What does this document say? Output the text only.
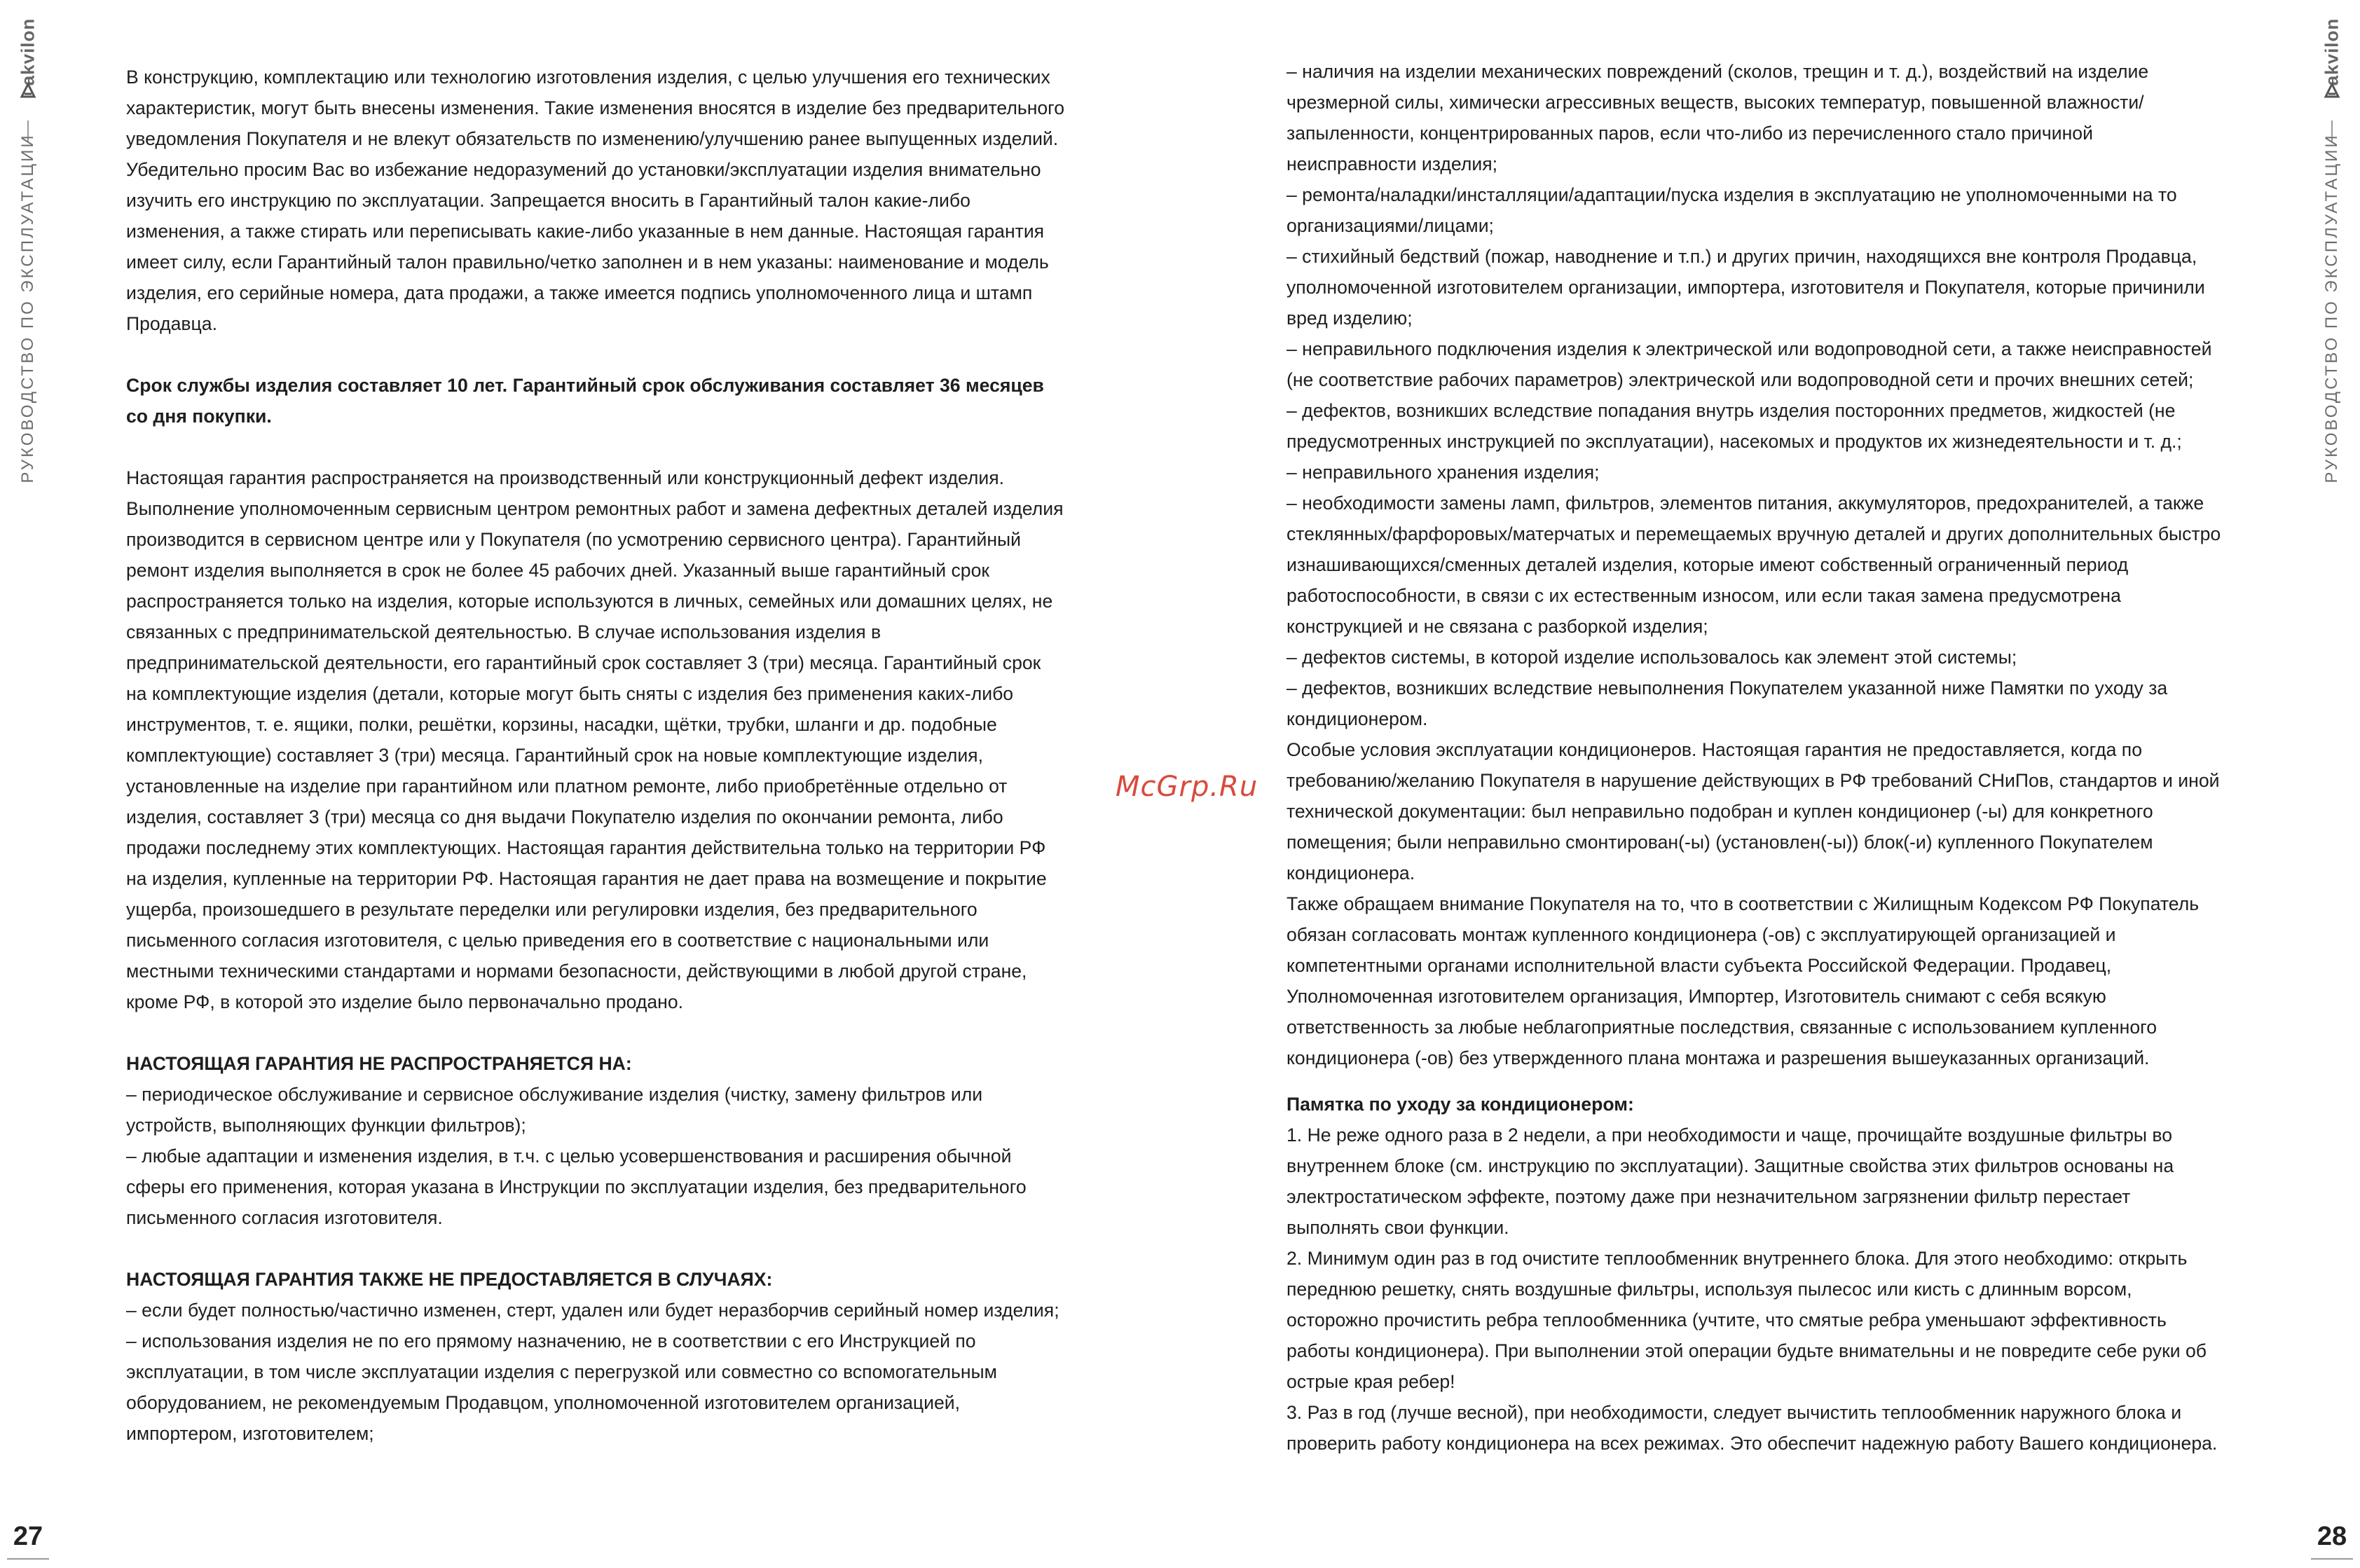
akvilon
РУКОВОДСТВО ПО ЭКСПЛУАТАЦИИ
27

В конструкцию, комплектацию или технологию изготовления изделия, с целью улучшения его технических характеристик, могут быть внесены изменения. Такие изменения вносятся в изделие без предварительного уведомления Покупателя и не влекут обязательств по изменению/улучшению ранее выпущенных изделий. Убедительно просим Вас во избежание недоразумений до установки/эксплуатации изделия внимательно изучить его инструкцию по эксплуатации. Запрещается вносить в Гарантийный талон какие-либо изменения, а также стирать или переписывать какие-либо указанные в нем данные. Настоящая гарантия имеет силу, если Гарантийный талон правильно/четко заполнен и в нем указаны: наименование и модель изделия, его серийные номера, дата продажи, а также имеется подпись уполномоченного лица и штамп Продавца.

Срок службы изделия составляет 10 лет. Гарантийный срок обслуживания составляет 36 месяцев со дня покупки.

Настоящая гарантия распространяется на производственный или конструкционный дефект изделия. Выполнение уполномоченным сервисным центром ремонтных работ и замена дефектных деталей изделия производится в сервисном центре или у Покупателя (по усмотрению сервисного центра). Гарантийный ремонт изделия выполняется в срок не более 45 рабочих дней. Указанный выше гарантийный срок распространяется только на изделия, которые используются в личных, семейных или домашних целях, не связанных с предпринимательской деятельностью. В случае использования изделия в предпринимательской деятельности, его гарантийный срок составляет 3 (три) месяца. Гарантийный срок на комплектующие изделия (детали, которые могут быть сняты с изделия без применения каких-либо инструментов, т. е. ящики, полки, решётки, корзины, насадки, щётки, трубки, шланги и др. подобные комплектующие) составляет 3 (три) месяца. Гарантийный срок на новые комплектующие изделия, установленные на изделие при гарантийном или платном ремонте, либо приобретённые отдельно от изделия, составляет 3 (три) месяца со дня выдачи Покупателю изделия по окончании ремонта, либо продажи последнему этих комплектующих. Настоящая гарантия действительна только на территории РФ на изделия, купленные на территории РФ. Настоящая гарантия не дает права на возмещение и покрытие ущерба, произошедшего в результате переделки или регулировки изделия, без предварительного письменного согласия изготовителя, с целью приведения его в соответствие с национальными или местными техническими стандартами и нормами безопасности, действующими в любой другой стране, кроме РФ, в которой это изделие было первоначально продано.

НАСТОЯЩАЯ ГАРАНТИЯ НЕ РАСПРОСТРАНЯЕТСЯ НА:

– периодическое обслуживание и сервисное обслуживание изделия (чистку, замену фильтров или устройств, выполняющих функции фильтров);

– любые адаптации и изменения изделия, в т.ч. с целью усовершенствования и расширения обычной сферы его применения, которая указана в Инструкции по эксплуатации изделия, без предварительного письменного согласия изготовителя.

НАСТОЯЩАЯ ГАРАНТИЯ ТАКЖЕ НЕ ПРЕДОСТАВЛЯЕТСЯ В СЛУЧАЯХ:

– если будет полностью/частично изменен, стерт, удален или будет неразборчив серийный номер изделия;

– использования изделия не по его прямому назначению, не в соответствии с его Инструкцией по эксплуатации, в том числе эксплуатации изделия с перегрузкой или совместно со вспомогательным оборудованием, не рекомендуемым Продавцом, уполномоченной изготовителем организацией, импортером, изготовителем;

McGrp.Ru

– наличия на изделии механических повреждений (сколов, трещин и т. д.), воздействий на изделие чрезмерной силы, химически агрессивных веществ, высоких температур, повышенной влажности/запыленности, концентрированных паров, если что-либо из перечисленного стало причиной неисправности изделия;

– ремонта/наладки/инсталляции/адаптации/пуска изделия в эксплуатацию не уполномоченными на то организациями/лицами;

– стихийный бедствий (пожар, наводнение и т.п.) и других причин, находящихся вне контроля Продавца, уполномоченной изготовителем организации, импортера, изготовителя и Покупателя, которые причинили вред изделию;

– неправильного подключения изделия к электрической или водопроводной сети, а также неисправностей (не соответствие рабочих параметров) электрической или водопроводной сети и прочих внешних сетей;

– дефектов, возникших вследствие попадания внутрь изделия посторонних предметов, жидкостей (не предусмотренных инструкцией по эксплуатации), насекомых и продуктов их жизнедеятельности и т. д.;

– неправильного хранения изделия;

– необходимости замены ламп, фильтров, элементов питания, аккумуляторов, предохранителей, а также стеклянных/фарфоровых/матерчатых и перемещаемых вручную деталей и других дополнительных быстро изнашивающихся/сменных деталей изделия, которые имеют собственный ограниченный период работоспособности, в связи с их естественным износом, или если такая замена предусмотрена конструкцией и не связана с разборкой изделия;

– дефектов системы, в которой изделие использовалось как элемент этой системы;

– дефектов, возникших вследствие невыполнения Покупателем указанной ниже Памятки по уходу за кондиционером.

Особые условия эксплуатации кондиционеров. Настоящая гарантия не предоставляется, когда по требованию/желанию Покупателя в нарушение действующих в РФ требований СНиПов, стандартов и иной технической документации: был неправильно подобран и куплен кондиционер (-ы) для конкретного помещения; были неправильно смонтирован(-ы) (установлен(-ы)) блок(-и) купленного Покупателем кондиционера.

Также обращаем внимание Покупателя на то, что в соответствии с Жилищным Кодексом РФ Покупатель обязан согласовать монтаж купленного кондиционера (-ов) с эксплуатирующей организацией и компетентными органами исполнительной власти субъекта Российской Федерации. Продавец, Уполномоченная изготовителем организация, Импортер, Изготовитель снимают с себя всякую ответственность за любые неблагоприятные последствия, связанные с использованием купленного кондиционера (-ов) без утвержденного плана монтажа и разрешения вышеуказанных организаций.

Памятка по уходу за кондиционером:

1. Не реже одного раза в 2 недели, а при необходимости и чаще, прочищайте воздушные фильтры во внутреннем блоке (см. инструкцию по эксплуатации). Защитные свойства этих фильтров основаны на электростатическом эффекте, поэтому даже при незначительном загрязнении фильтр перестает выполнять свои функции.

2. Минимум один раз в год очистите теплообменник внутреннего блока. Для этого необходимо: открыть переднюю решетку, снять воздушные фильтры, используя пылесос или кисть с длинным ворсом, осторожно прочистить ребра теплообменника (учтите, что смятые ребра уменьшают эффективность работы кондиционера). При выполнении этой операции будьте внимательны и не повредите себе руки об острые края ребер!

3. Раз в год (лучше весной), при необходимости, следует вычистить теплообменник наружного блока и проверить работу кондиционера на всех режимах. Это обеспечит надежную работу Вашего кондиционера.

akvilon
РУКОВОДСТВО ПО ЭКСПЛУАТАЦИИ
28
